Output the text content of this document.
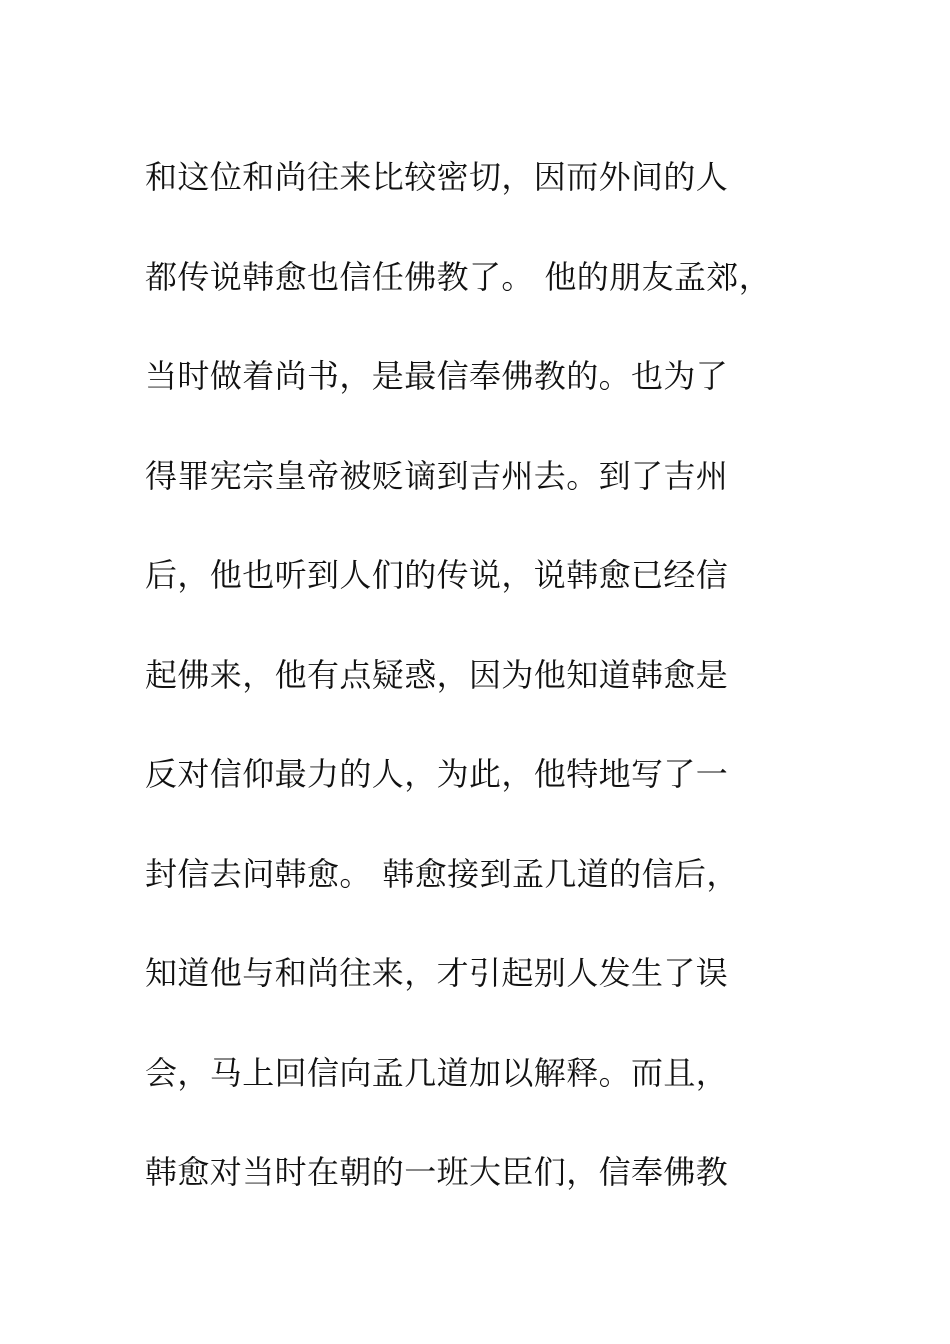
和这位和尚往来比较密切，因而外间的人
都传说韩愈也信任佛教了。 他的朋友孟郊，
当时做着尚书，是最信奉佛教的。也为了
得罪宪宗皇帝被贬谪到吉州去。到了吉州
后，他也听到人们的传说，说韩愈已经信
起佛来，他有点疑惑，因为他知道韩愈是
反对信仰最力的人，为此，他特地写了一
封信去问韩愈。 韩愈接到孟几道的信后，
知道他与和尚往来，才引起别人发生了误
会，马上回信向孟几道加以解释。而且，
韩愈对当时在朝的一班大臣们，信奉佛教
